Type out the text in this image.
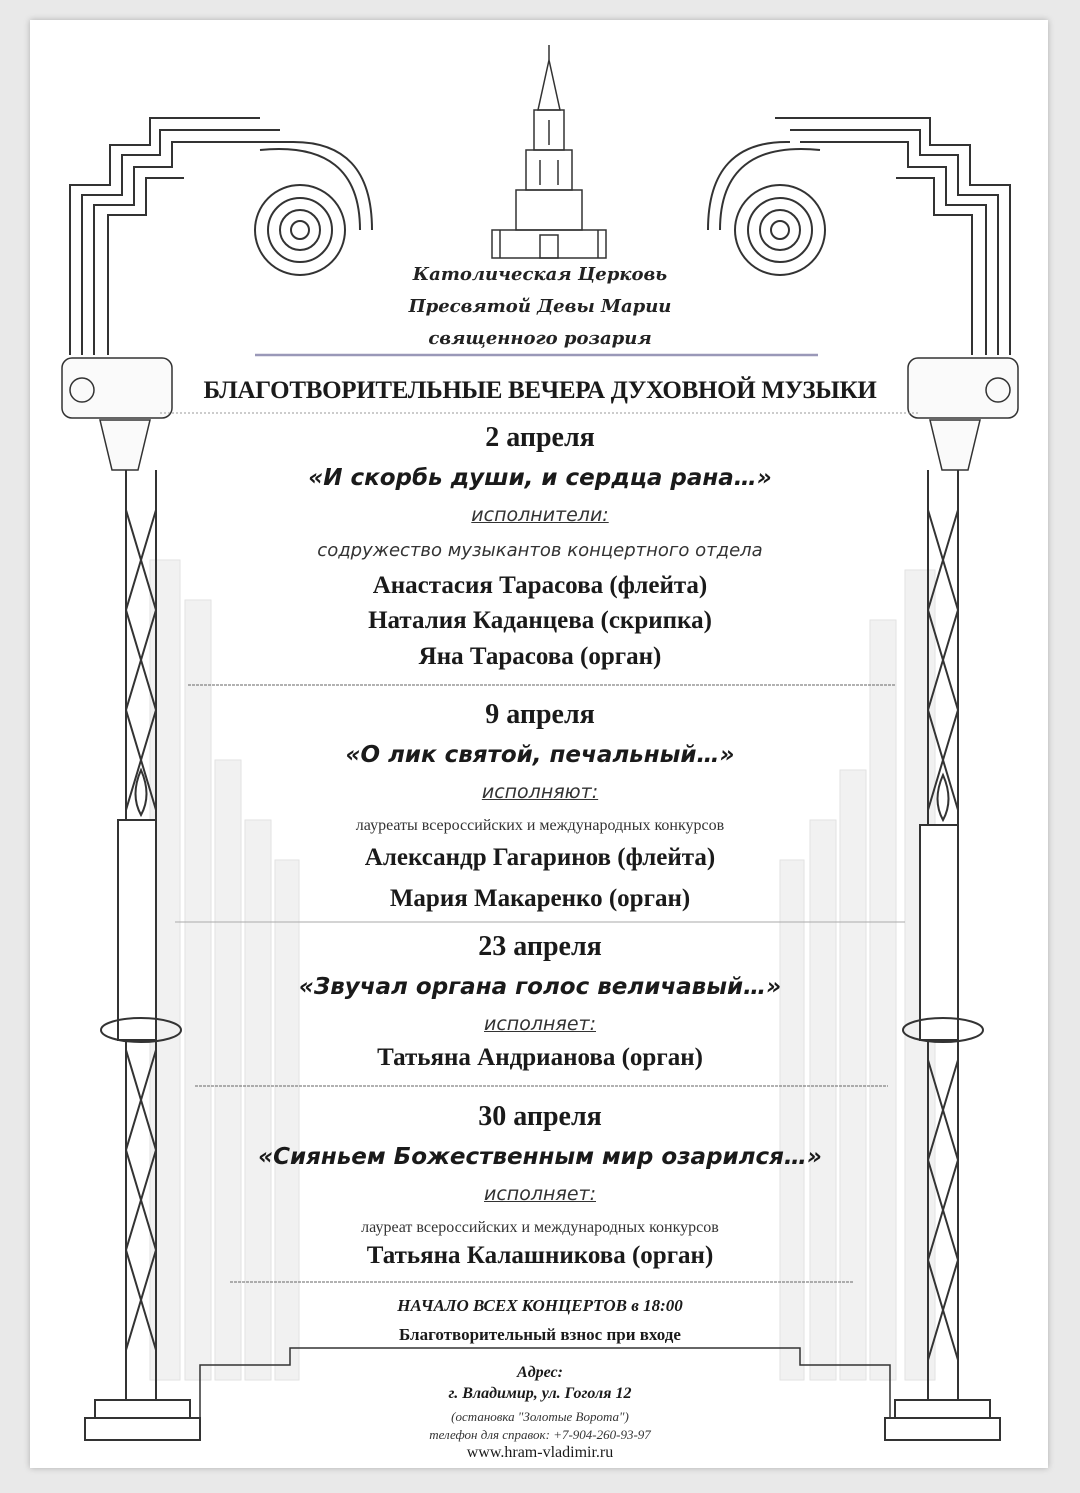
Католическая Церковь
Пресвятой Девы Марии
священного розария
БЛАГОТВОРИТЕЛЬНЫЕ ВЕЧЕРА ДУХОВНОЙ МУЗЫКИ
2 апреля
«И скорбь души, и сердца рана…»
исполнители:
содружество музыкантов концертного отдела
Анастасия Тарасова (флейта)
Наталия Каданцева (скрипка)
Яна Тарасова (орган)
9 апреля
«О лик святой, печальный…»
исполняют:
лауреаты всероссийских и международных конкурсов
Александр Гагаринов (флейта)
Мария Макаренко (орган)
23 апреля
«Звучал органа голос величавый…»
исполняет:
Татьяна Андрианова (орган)
30 апреля
«Сияньем Божественным мир озарился…»
исполняет:
лауреат всероссийских и международных конкурсов
Татьяна Калашникова (орган)
НАЧАЛО ВСЕХ КОНЦЕРТОВ в 18:00
Благотворительный взнос при входе
Адрес:
г. Владимир, ул. Гоголя 12
(остановка "Золотые Ворота")
телефон для справок: +7-904-260-93-97
www.hram-vladimir.ru
